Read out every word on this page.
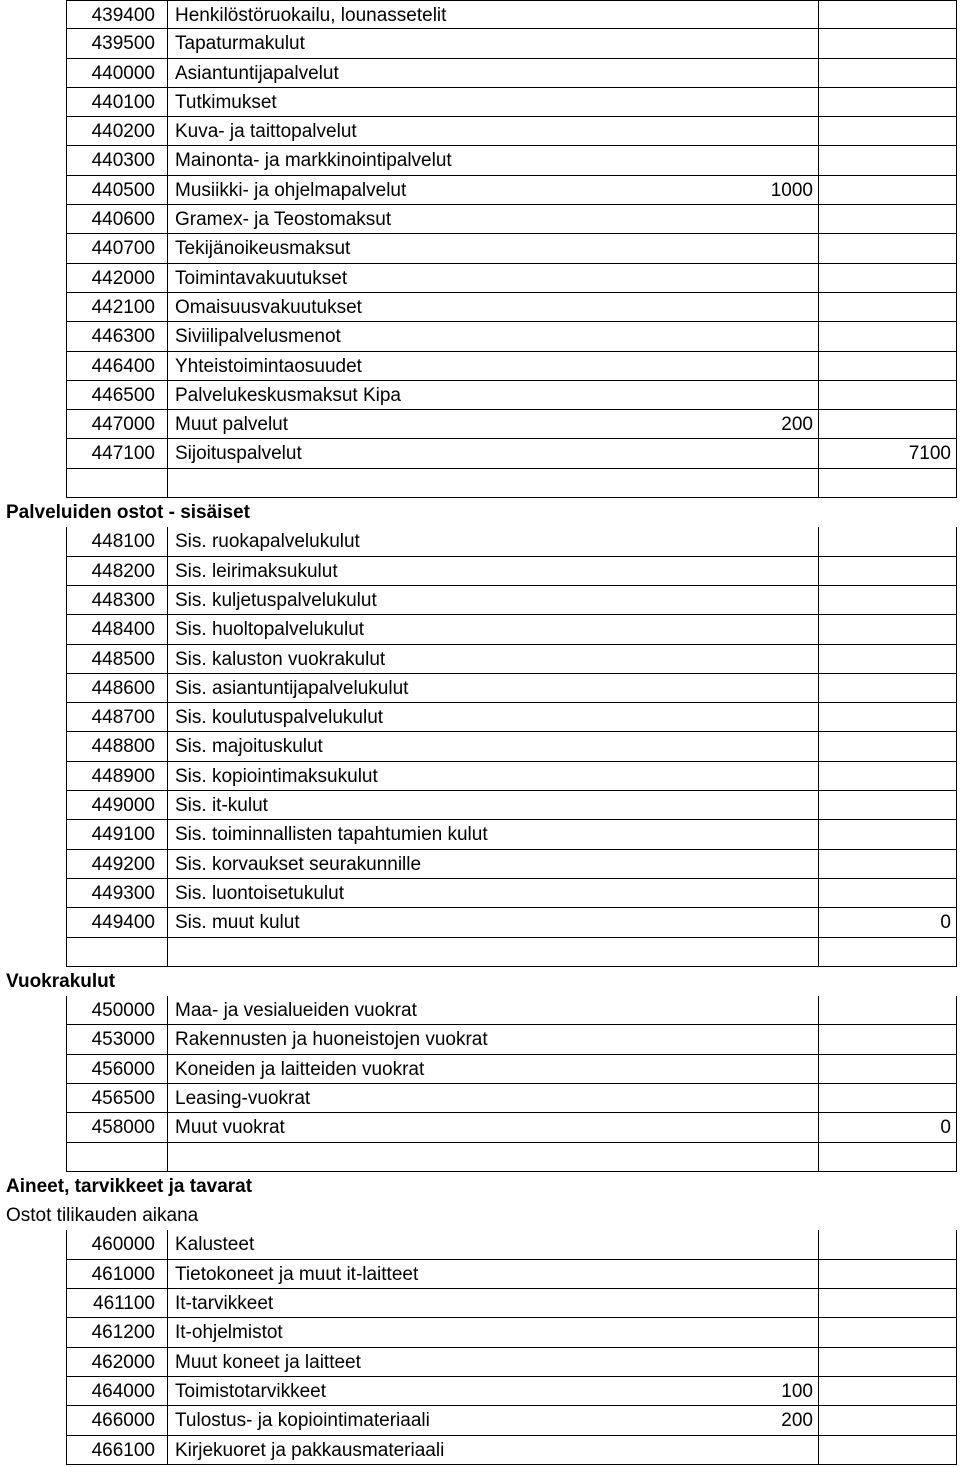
439400	Henkilöstöruokailu, lounassetelit
439500	Tapaturmakulut
440000	Asiantuntijapalvelut
440100	Tutkimukset
440200	Kuva- ja taittopalvelut
440300	Mainonta- ja markkinointipalvelut
440500	Musiikki- ja ohjelmapalvelut	1000
440600	Gramex- ja Teostomaksut
440700	Tekijänoikeusmaksut
442000	Toimintavakuutukset
442100	Omaisuusvakuutukset
446300	Siviilipalvelusmenot
446400	Yhteistoimintaosuudet
446500	Palvelukeskusmaksut Kipa
447000	Muut palvelut	200
447100	Sijoituspalvelut	7100
Palveluiden ostot - sisäiset
448100	Sis. ruokapalvelukulut
448200	Sis. leirimaksukulut
448300	Sis. kuljetuspalvelukulut
448400	Sis. huoltopalvelukulut
448500	Sis. kaluston vuokrakulut
448600	Sis. asiantuntijapalvelukulut
448700	Sis. koulutuspalvelukulut
448800	Sis. majoituskulut
448900	Sis. kopiointimaksukulut
449000	Sis. it-kulut
449100	Sis. toiminnallisten tapahtumien kulut
449200	Sis. korvaukset seurakunnille
449300	Sis. luontoisetukulut
449400	Sis. muut kulut	0
Vuokrakulut
450000	Maa- ja vesialueiden vuokrat
453000	Rakennusten ja huoneistojen vuokrat
456000	Koneiden ja laitteiden vuokrat
456500	Leasing-vuokrat
458000	Muut vuokrat	0
Aineet, tarvikkeet ja tavarat
Ostot tilikauden aikana
460000	Kalusteet
461000	Tietokoneet ja muut it-laitteet
461100	It-tarvikkeet
461200	It-ohjelmistot
462000	Muut koneet ja laitteet
464000	Toimistotarvikkeet	100
466000	Tulostus- ja kopiointimateriaali	200
466100	Kirjekuoret ja pakkausmateriaali
